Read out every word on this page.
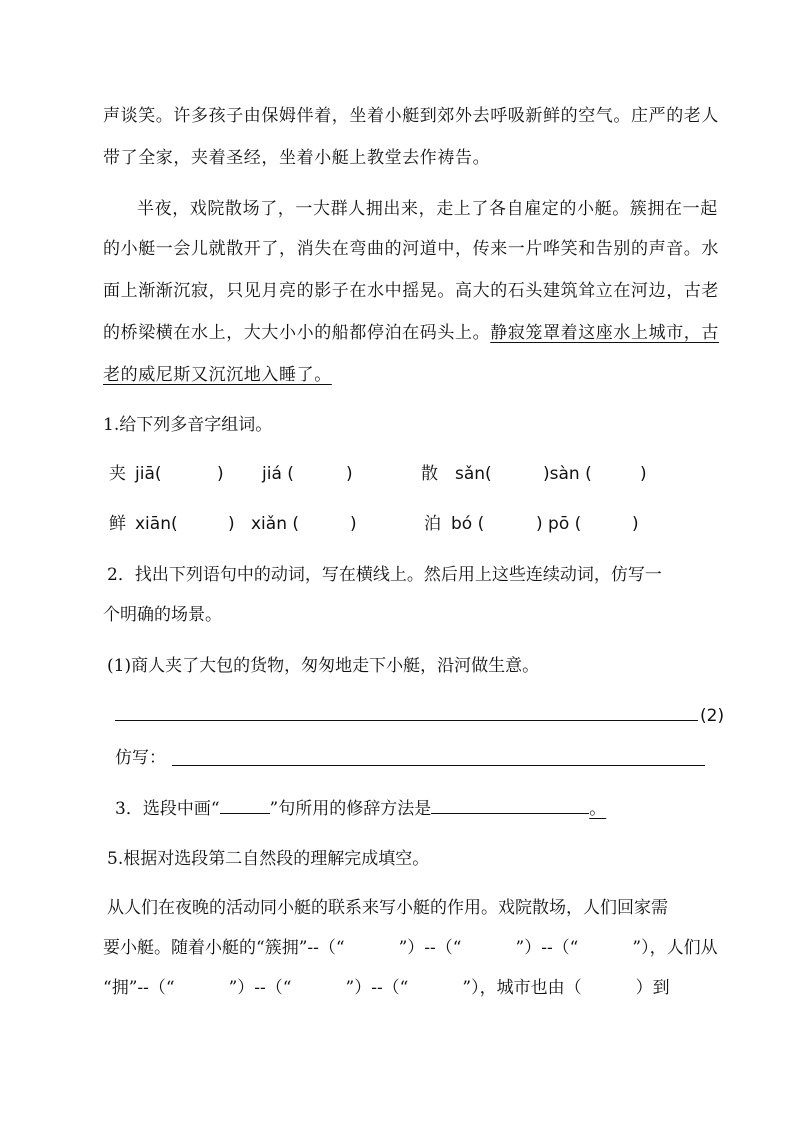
声谈笑。许多孩子由保姆伴着，坐着小艇到郊外去呼吸新鲜的空气。庄严的老人
带了全家，夹着圣经，坐着小艇上教堂去作祷告。
半夜，戏院散场了，一大群人拥出来，走上了各自雇定的小艇。簇拥在一起
的小艇一会儿就散开了，消失在弯曲的河道中，传来一片哗笑和告别的声音。水
面上渐渐沉寂，只见月亮的影子在水中摇晃。高大的石头建筑耸立在河边，古老
的桥梁横在水上，大大小小的船都停泊在码头上。静寂笼罩着这座水上城市，古
老的威尼斯又沉沉地入睡了。
1.给下列多音字组词。
夹 jiā(	) jiá (	)	散 sǎn(	)sàn (	)
鲜 xiān(	) xiǎn (	)	泊 bó (	) pō (	)
2．找出下列语句中的动词，写在横线上。然后用上这些连续动词，仿写一
个明确的场景。
(1)商人夹了大包的货物，匆匆地走下小艇，沿河做生意。
(2)
仿写：
3．选段中画“	”句所用的修辞方法是	。
5.根据对选段第二自然段的理解完成填空。
从人们在夜晚的活动同小艇的联系来写小艇的作用。戏院散场，人们回家需
要小艇。随着小艇的“簇拥”--（“          ”）--（“          ”）--（“          ”），人们从
“拥”--（“          ”）--（“          ”）--（“          ”），城市也由（          ）到
